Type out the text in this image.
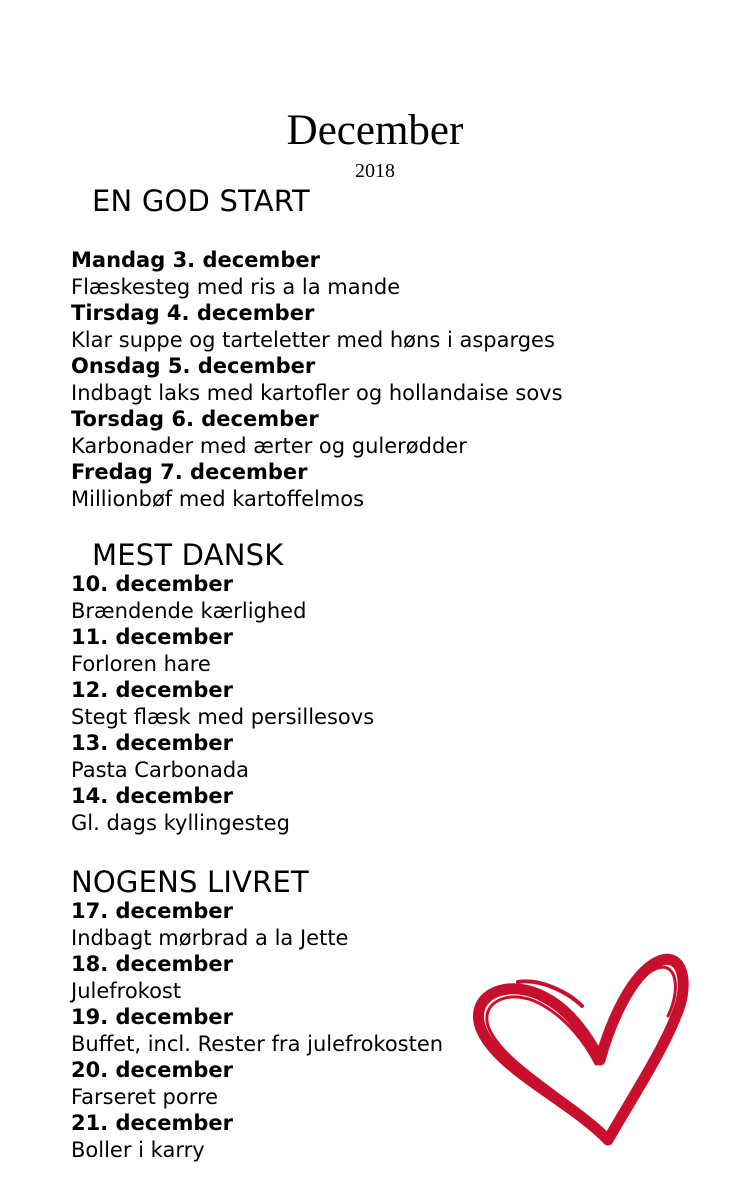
December
2018
EN GOD START
Mandag 3. december
Flæskesteg med ris a la mande
Tirsdag 4. december
Klar suppe og tarteletter med høns i asparges
Onsdag 5. december
Indbagt laks med kartofler og hollandaise sovs
Torsdag 6. december
Karbonader med ærter og gulerødder
Fredag 7. december
Millionbøf med kartoffelmos
MEST DANSK
10. december
Brændende kærlighed
11. december
Forloren hare
12. december
Stegt flæsk med persillesovs
13. december
Pasta Carbonada
14. december
Gl. dags kyllingesteg
NOGENS LIVRET
17. december
Indbagt mørbrad a la Jette
18. december
Julefrokost
19. december
Buffet, incl. Rester fra julefrokosten
20. december
Farseret porre
21. december
Boller i karry
